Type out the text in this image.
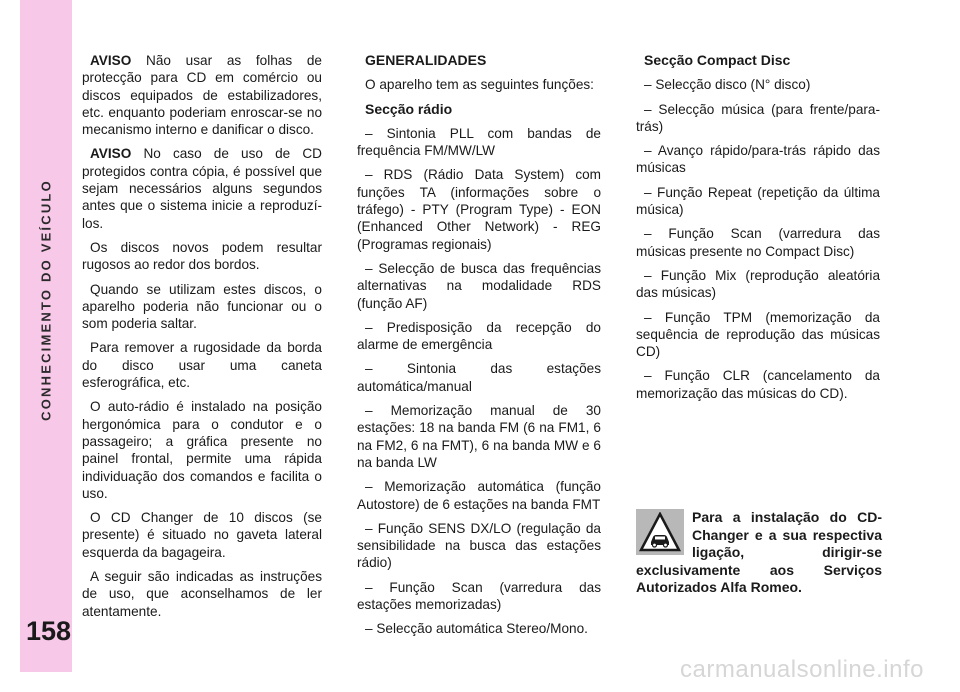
CONHECIMENTO DO VEÍCULO
158

AVISO Não usar as folhas de protecção para CD em comércio ou discos equipados de estabilizadores, etc. enquanto poderiam enroscar-se no mecanismo interno e danificar o disco.

AVISO No caso de uso de CD protegidos contra cópia, é possível que sejam necessários alguns segundos antes que o sistema inicie a reproduzí-los.

Os discos novos podem resultar rugosos ao redor dos bordos.

Quando se utilizam estes discos, o aparelho poderia não funcionar ou o som poderia saltar.

Para remover a rugosidade da borda do disco usar uma caneta esferográfica, etc.

O auto-rádio é instalado na posição hergonómica para o condutor e o passageiro; a gráfica presente no painel frontal, permite uma rápida individuação dos comandos e facilita o uso.

O CD Changer de 10 discos (se presente) é situado no gaveta lateral esquerda da bagageira.

A seguir são indicadas as instruções de uso, que aconselhamos de ler atentamente.

GENERALIDADES

O aparelho tem as seguintes funções:

Secção rádio

– Sintonia PLL com bandas de frequência FM/MW/LW

– RDS (Rádio Data System) com funções TA (informações sobre o tráfego) - PTY (Program Type) - EON (Enhanced Other Network) - REG (Programas regionais)

– Selecção de busca das frequências alternativas na modalidade RDS (função AF)

– Predisposição da recepção do alarme de emergência

– Sintonia das estações automática/manual

– Memorização manual de 30 estações: 18 na banda FM (6 na FM1, 6 na FM2, 6 na FMT), 6 na banda MW e 6 na banda LW

– Memorização automática (função Autostore) de 6 estações na banda FMT

– Função SENS DX/LO (regulação da sensibilidade na busca das estações rádio)

– Função Scan (varredura das estações memorizadas)

– Selecção automática Stereo/Mono.

Secção Compact Disc

– Selecção disco (N° disco)

– Selecção música (para frente/para-trás)

– Avanço rápido/para-trás rápido das músicas

– Função Repeat (repetição da última música)

– Função Scan (varredura das músicas presente no Compact Disc)

– Função Mix (reprodução aleatória das músicas)

– Função TPM (memorização da sequência de reprodução das músicas CD)

– Função CLR (cancelamento da memorização das músicas do CD).

Para a instalação do CD-Changer e a sua respectiva ligação, dirigir-se exclusivamente aos Serviços Autorizados Alfa Romeo.
carmanualsonline.info
